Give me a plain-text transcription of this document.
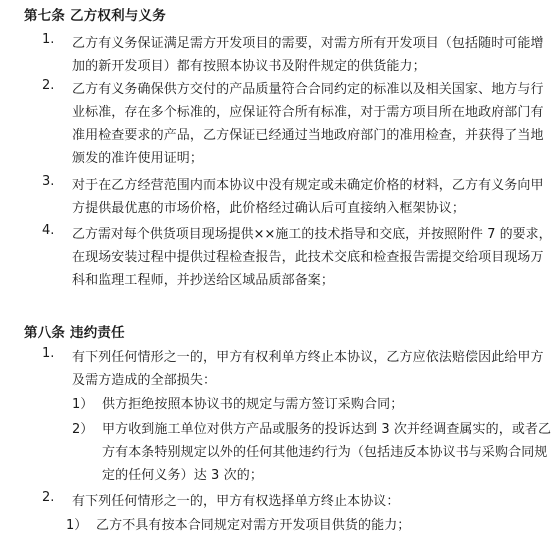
第七条 乙方权利与义务
1. 乙方有义务保证满足需方开发项目的需要，对需方所有开发项目（包括随时可能增
加的新开发项目）都有按照本协议书及附件规定的供货能力；
2. 乙方有义务确保供方交付的产品质量符合合同约定的标准以及相关国家、地方与行
业标准，存在多个标准的，应保证符合所有标准，对于需方项目所在地政府部门有
准用检查要求的产品，乙方保证已经通过当地政府部门的准用检查，并获得了当地
颁发的准许使用证明；
3. 对于在乙方经营范围内而本协议中没有规定或未确定价格的材料，乙方有义务向甲
方提供最优惠的市场价格，此价格经过确认后可直接纳入框架协议；
4. 乙方需对每个供货项目现场提供××施工的技术指导和交底，并按照附件 7 的要求，
在现场安装过程中提供过程检查报告，此技术交底和检查报告需提交给项目现场万
科和监理工程师，并抄送给区域品质部备案；
第八条 违约责任
1. 有下列任何情形之一的，甲方有权利单方终止本协议，乙方应依法赔偿因此给甲方
及需方造成的全部损失：
1） 供方拒绝按照本协议书的规定与需方签订采购合同；
2） 甲方收到施工单位对供方产品或服务的投诉达到 3 次并经调查属实的，或者乙
方有本条特别规定以外的任何其他违约行为（包括违反本协议书与采购合同规
定的任何义务）达 3 次的；
2. 有下列任何情形之一的，甲方有权选择单方终止本协议：
1） 乙方不具有按本合同规定对需方开发项目供货的能力；
